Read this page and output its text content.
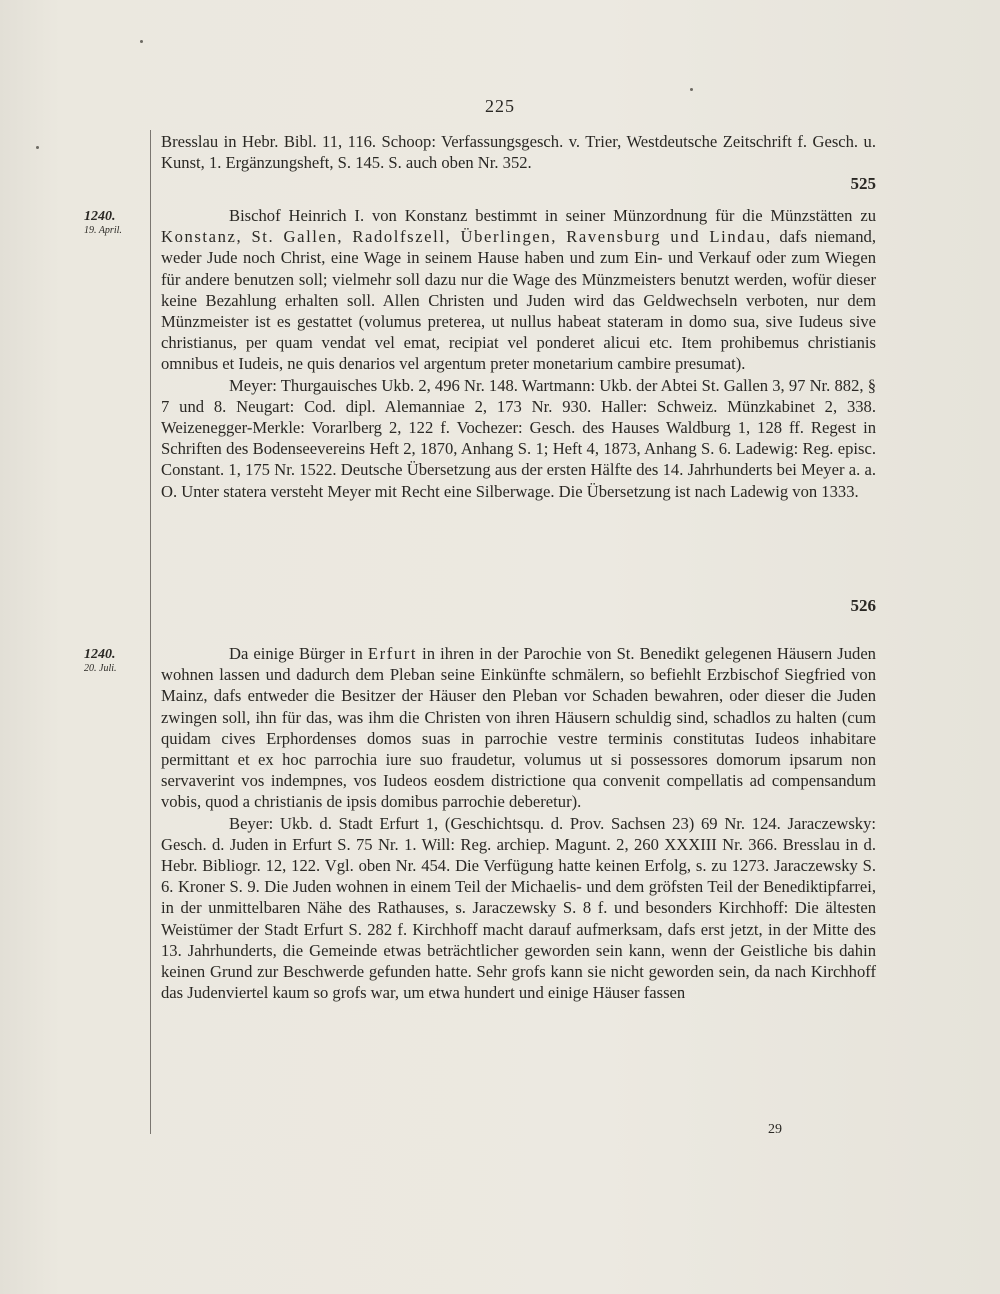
225

Bresslau in Hebr. Bibl. 11, 116. Schoop: Verfassungsgesch. v. Trier, Westdeutsche Zeitschrift f. Gesch. u. Kunst, 1. Ergänzungsheft, S. 145. S. auch oben Nr. 352.

525
1240.
19. April.

Bischof Heinrich I. von Konstanz bestimmt in seiner Münzordnung für die Münzstätten zu Konstanz, St. Gallen, Radolfszell, Überlingen, Ravensburg und Lindau, dafs niemand, weder Jude noch Christ, eine Wage in seinem Hause haben und zum Ein- und Verkauf oder zum Wiegen für andere benutzen soll; vielmehr soll dazu nur die Wage des Münzmeisters benutzt werden, wofür dieser keine Bezahlung erhalten soll. Allen Christen und Juden wird das Geldwechseln verboten, nur dem Münzmeister ist es gestattet (volumus preterea, ut nullus habeat stateram in domo sua, sive Iudeus sive christianus, per quam vendat vel emat, recipiat vel ponderet alicui etc. Item prohibemus christianis omnibus et Iudeis, ne quis denarios vel argentum preter monetarium cambire presumat).

Meyer: Thurgauisches Ukb. 2, 496 Nr. 148. Wartmann: Ukb. der Abtei St. Gallen 3, 97 Nr. 882, § 7 und 8. Neugart: Cod. dipl. Alemanniae 2, 173 Nr. 930. Haller: Schweiz. Münzkabinet 2, 338. Weizenegger-Merkle: Vorarlberg 2, 122 f. Vochezer: Gesch. des Hauses Waldburg 1, 128 ff. Regest in Schriften des Bodenseevereins Heft 2, 1870, Anhang S. 1; Heft 4, 1873, Anhang S. 6. Ladewig: Reg. episc. Constant. 1, 175 Nr. 1522. Deutsche Übersetzung aus der ersten Hälfte des 14. Jahrhunderts bei Meyer a. a. O. Unter statera versteht Meyer mit Recht eine Silberwage. Die Übersetzung ist nach Ladewig von 1333.

526
1240.
20. Juli.

Da einige Bürger in Erfurt in ihren in der Parochie von St. Benedikt gelegenen Häusern Juden wohnen lassen und dadurch dem Pleban seine Einkünfte schmälern, so befiehlt Erzbischof Siegfried von Mainz, dafs entweder die Besitzer der Häuser den Pleban vor Schaden bewahren, oder dieser die Juden zwingen soll, ihn für das, was ihm die Christen von ihren Häusern schuldig sind, schadlos zu halten (cum quidam cives Erphordenses domos suas in parrochie vestre terminis constitutas Iudeos inhabitare permittant et ex hoc parrochia iure suo fraudetur, volumus ut si possessores domorum ipsarum non servaverint vos indempnes, vos Iudeos eosdem districtione qua convenit compellatis ad compensandum vobis, quod a christianis de ipsis domibus parrochie deberetur).

Beyer: Ukb. d. Stadt Erfurt 1, (Geschichtsqu. d. Prov. Sachsen 23) 69 Nr. 124. Jaraczewsky: Gesch. d. Juden in Erfurt S. 75 Nr. 1. Will: Reg. archiep. Magunt. 2, 260 XXXIII Nr. 366. Bresslau in d. Hebr. Bibliogr. 12, 122. Vgl. oben Nr. 454. Die Verfügung hatte keinen Erfolg, s. zu 1273. Jaraczewsky S. 6. Kroner S. 9. Die Juden wohnen in einem Teil der Michaelis- und dem gröfsten Teil der Benediktipfarrei, in der unmittelbaren Nähe des Rathauses, s. Jaraczewsky S. 8 f. und besonders Kirchhoff: Die ältesten Weistümer der Stadt Erfurt S. 282 f. Kirchhoff macht darauf aufmerksam, dafs erst jetzt, in der Mitte des 13. Jahrhunderts, die Gemeinde etwas beträchtlicher geworden sein kann, wenn der Geistliche bis dahin keinen Grund zur Beschwerde gefunden hatte. Sehr grofs kann sie nicht geworden sein, da nach Kirchhoff das Judenviertel kaum so grofs war, um etwa hundert und einige Häuser fassen

29
